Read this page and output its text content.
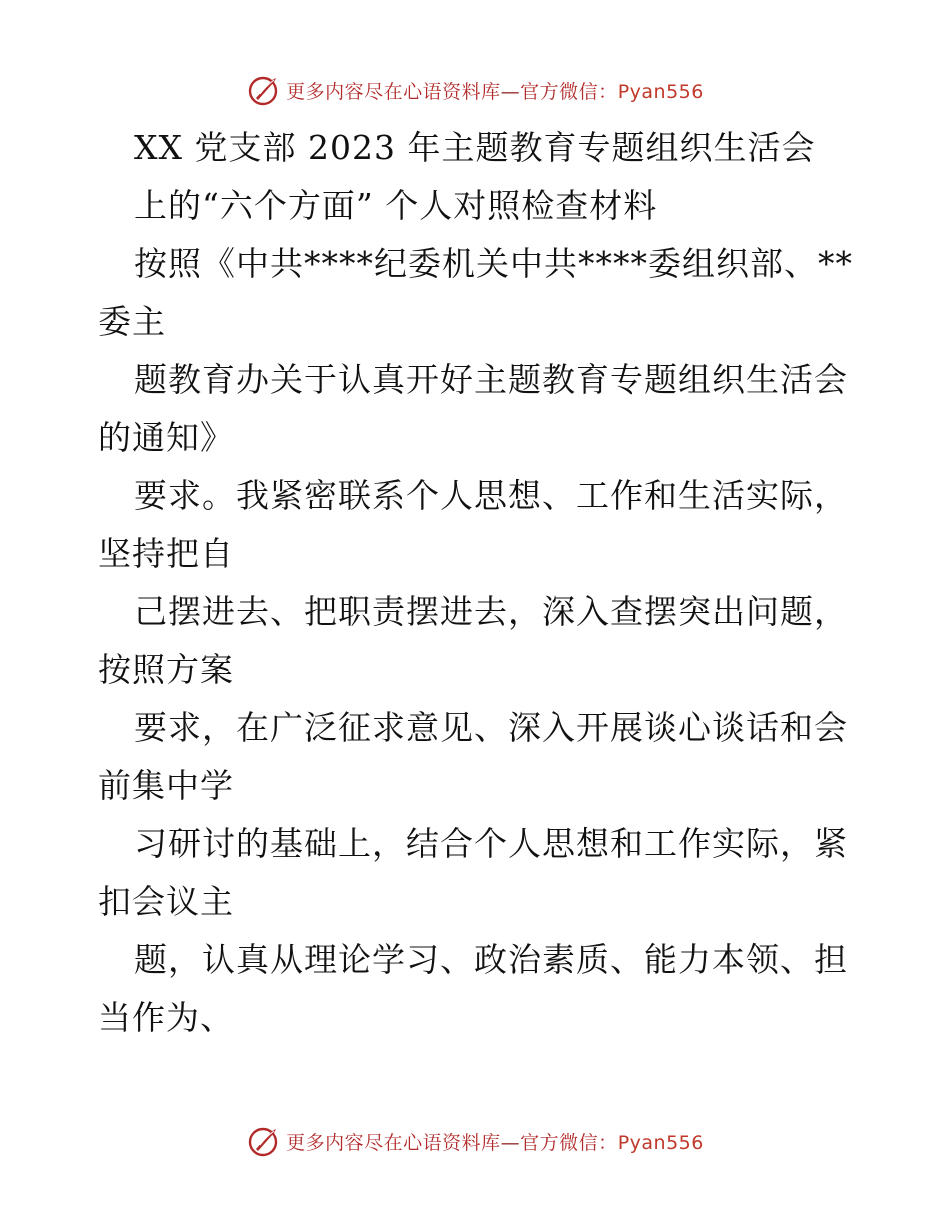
更多内容尽在心语资料库—官方微信：Pyan556
XX 党支部 2023 年主题教育专题组织生活会
上的“六个方面” 个人对照检查材料
按照《中共****纪委机关中共****委组织部、**
委主
题教育办关于认真开好主题教育专题组织生活会
的通知》
要求。我紧密联系个人思想、工作和生活实际，
坚持把自
己摆进去、把职责摆进去，深入查摆突出问题，
按照方案
要求，在广泛征求意见、深入开展谈心谈话和会
前集中学
习研讨的基础上，结合个人思想和工作实际，紧
扣会议主
题，认真从理论学习、政治素质、能力本领、担
当作为、
更多内容尽在心语资料库—官方微信：Pyan556
